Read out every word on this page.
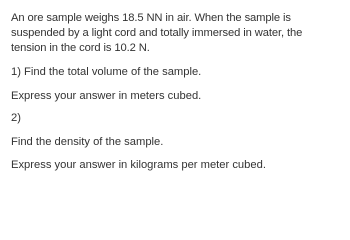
An ore sample weighs 18.5 NN in air. When the sample is
suspended by a light cord and totally immersed in water, the
tension in the cord is 10.2 N.

1) Find the total volume of the sample.

Express your answer in meters cubed.

2)

Find the density of the sample.

Express your answer in kilograms per meter cubed.
